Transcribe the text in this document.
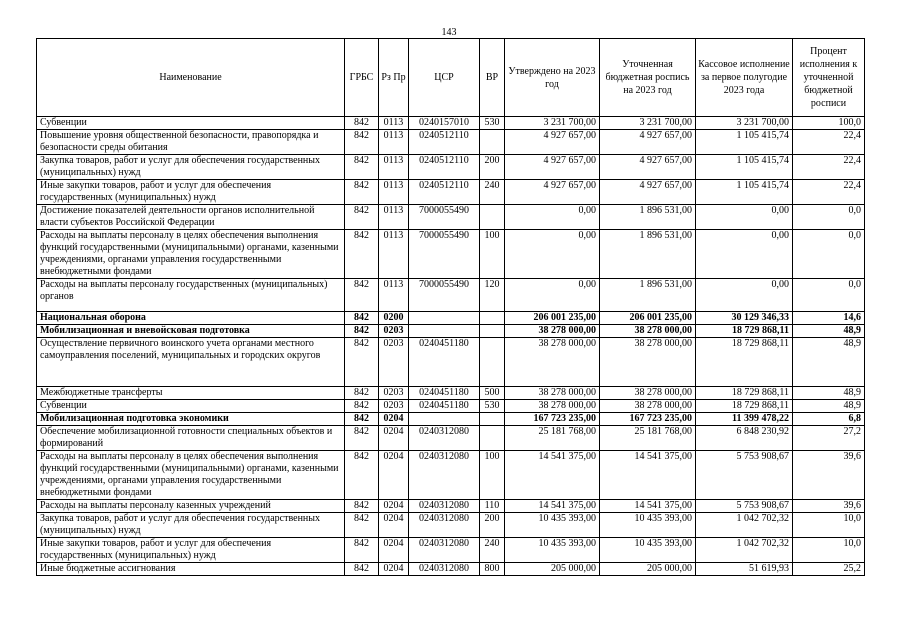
143
Наименование	ГРБС	Рз Пр	ЦСР	ВР	Утверждено на 2023 год	Уточненная бюджетная роспись на 2023 год	Кассовое исполнение за первое полугодие 2023 года	Процент исполнения к уточненной бюджетной росписи
Субвенции	842	0113	0240157010	530	3 231 700,00	3 231 700,00	3 231 700,00	100,0
Повышение уровня общественной безопасности, правопорядка и безопасности среды обитания	842	0113	0240512110		4 927 657,00	4 927 657,00	1 105 415,74	22,4
Закупка товаров, работ и услуг для обеспечения государственных (муниципальных) нужд	842	0113	0240512110	200	4 927 657,00	4 927 657,00	1 105 415,74	22,4
Иные закупки товаров, работ и услуг для обеспечения государственных (муниципальных) нужд	842	0113	0240512110	240	4 927 657,00	4 927 657,00	1 105 415,74	22,4
Достижение показателей деятельности органов исполнительной власти субъектов Российской Федерации	842	0113	7000055490		0,00	1 896 531,00	0,00	0,0
Расходы на выплаты персоналу в целях обеспечения выполнения функций государственными (муниципальными) органами, казенными учреждениями, органами управления государственными внебюджетными фондами	842	0113	7000055490	100	0,00	1 896 531,00	0,00	0,0
Расходы на выплаты персоналу государственных (муниципальных) органов	842	0113	7000055490	120	0,00	1 896 531,00	0,00	0,0
Национальная оборона	842	0200			206 001 235,00	206 001 235,00	30 129 346,33	14,6
Мобилизационная и вневойсковая подготовка	842	0203			38 278 000,00	38 278 000,00	18 729 868,11	48,9
Осуществление первичного воинского учета органами местного самоуправления поселений, муниципальных и городских округов	842	0203	0240451180		38 278 000,00	38 278 000,00	18 729 868,11	48,9
Межбюджетные трансферты	842	0203	0240451180	500	38 278 000,00	38 278 000,00	18 729 868,11	48,9
Субвенции	842	0203	0240451180	530	38 278 000,00	38 278 000,00	18 729 868,11	48,9
Мобилизационная подготовка экономики	842	0204			167 723 235,00	167 723 235,00	11 399 478,22	6,8
Обеспечение мобилизационной готовности специальных объектов и формирований	842	0204	0240312080		25 181 768,00	25 181 768,00	6 848 230,92	27,2
Расходы на выплаты персоналу в целях обеспечения выполнения функций государственными (муниципальными) органами, казенными учреждениями, органами управления государственными внебюджетными фондами	842	0204	0240312080	100	14 541 375,00	14 541 375,00	5 753 908,67	39,6
Расходы на выплаты персоналу казенных учреждений	842	0204	0240312080	110	14 541 375,00	14 541 375,00	5 753 908,67	39,6
Закупка товаров, работ и услуг для обеспечения государственных (муниципальных) нужд	842	0204	0240312080	200	10 435 393,00	10 435 393,00	1 042 702,32	10,0
Иные закупки товаров, работ и услуг для обеспечения государственных (муниципальных) нужд	842	0204	0240312080	240	10 435 393,00	10 435 393,00	1 042 702,32	10,0
Иные бюджетные ассигнования	842	0204	0240312080	800	205 000,00	205 000,00	51 619,93	25,2
